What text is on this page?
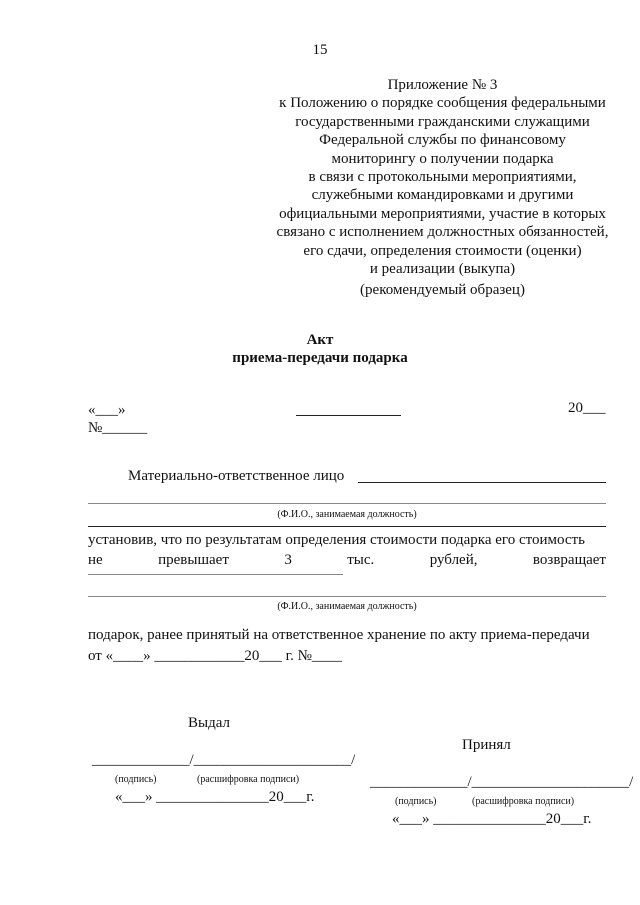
15
Приложение № 3
к Положению о порядке сообщения федеральными
государственными гражданскими служащими
Федеральной службы по финансовому
мониторингу о получении подарка
в связи с протокольными мероприятиями,
служебными командировками и другими
официальными мероприятиями, участие в которых
связано с исполнением должностных обязанностей,
его сдачи, определения стоимости (оценки)
и реализации (выкупа)
(рекомендуемый образец)
Акт
приема-передачи подарка
«___»	20___
№______
Материально-ответственное лицо
(Ф.И.О., занимаемая должность)
установив, что по результатам определения стоимости подарка его стоимость
не	превышает	3	тыс.	рублей,	возвращает
(Ф.И.О., занимаемая должность)
подарок, ранее принятый на ответственное хранение по акту приема-передачи
от «____» ____________20___ г. №____
Выдал
_____________/_____________________/
(подпись)	(расшифровка подписи)
«___» _______________20___г.
Принял
_____________/_____________________/
(подпись)	(расшифровка подписи)
«___» _______________20___г.
